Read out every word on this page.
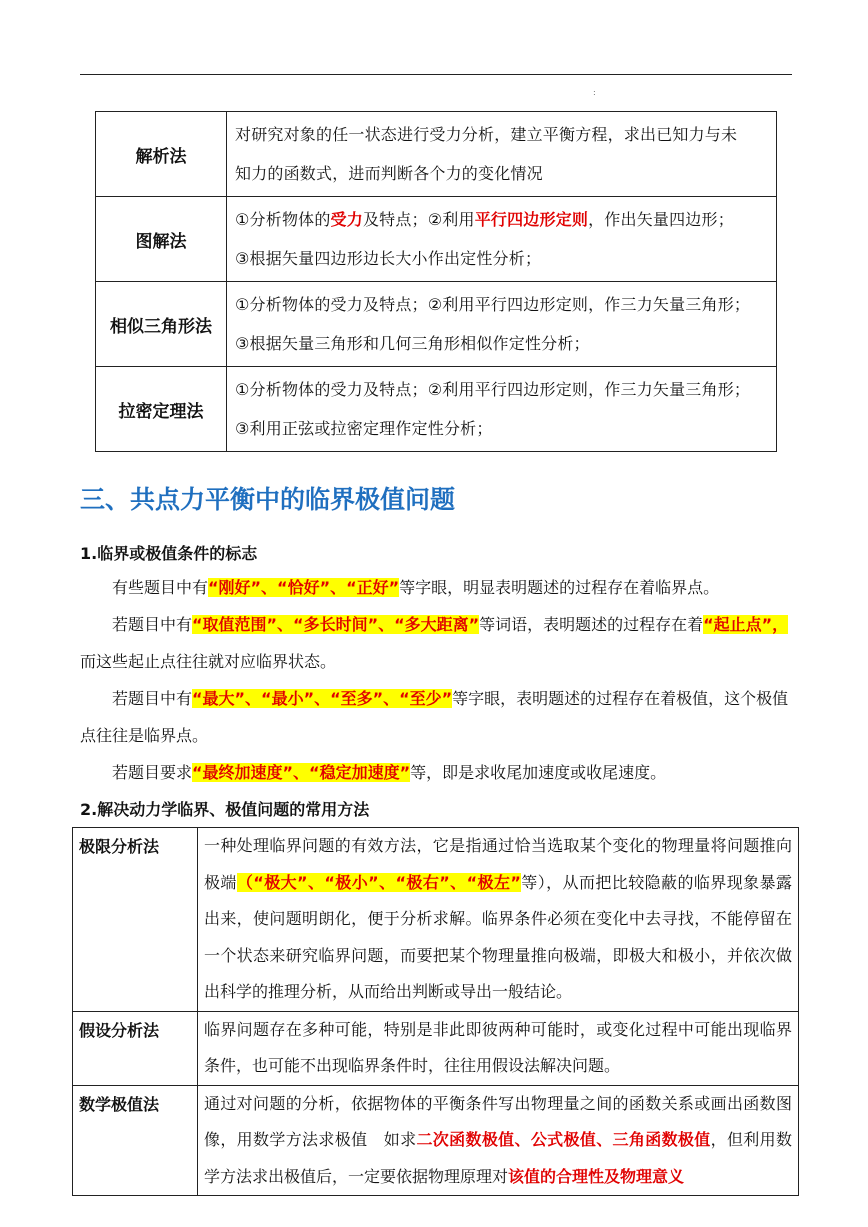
:
解析法	对研究对象的任一状态进行受力分析，建立平衡方程，求出已知力与未
知力的函数式，进而判断各个力的变化情况

图解法	①分析物体的受力及特点；②利用平行四边形定则，作出矢量四边形；
③根据矢量四边形边长大小作出定性分析；

相似三角形法	①分析物体的受力及特点；②利用平行四边形定则，作三力矢量三角形；
③根据矢量三角形和几何三角形相似作定性分析；

拉密定理法	①分析物体的受力及特点；②利用平行四边形定则，作三力矢量三角形；
③利用正弦或拉密定理作定性分析；
三、共点力平衡中的临界极值问题
1.临界或极值条件的标志
有些题目中有“刚好”、“恰好”、“正好”等字眼，明显表明题述的过程存在着临界点。
若题目中有“取值范围”、“多长时间”、“多大距离”等词语，表明题述的过程存在着“起止点”，而这些起止点往往就对应临界状态。
若题目中有“最大”、“最小”、“至多”、“至少”等字眼，表明题述的过程存在着极值，这个极值点往往是临界点。
若题目要求“最终加速度”、“稳定加速度”等，即是求收尾加速度或收尾速度。
2.解决动力学临界、极值问题的常用方法
极限分析法	一种处理临界问题的有效方法，它是指通过恰当选取某个变化的物理量将问题推向极端（“极大”、“极小”、“极右”、“极左”等），从而把比较隐蔽的临界现象暴露出来，使问题明朗化，便于分析求解。临界条件必须在变化中去寻找，不能停留在一个状态来研究临界问题，而要把某个物理量推向极端，即极大和极小，并依次做出科学的推理分析，从而给出判断或导出一般结论。
假设分析法	临界问题存在多种可能，特别是非此即彼两种可能时，或变化过程中可能出现临界条件，也可能不出现临界条件时，往往用假设法解决问题。
数学极值法	通过对问题的分析，依据物体的平衡条件写出物理量之间的函数关系或画出函数图像，用数学方法求极值　如求二次函数极值、公式极值、三角函数极值，但利用数学方法求出极值后，一定要依据物理原理对该值的合理性及物理意义
